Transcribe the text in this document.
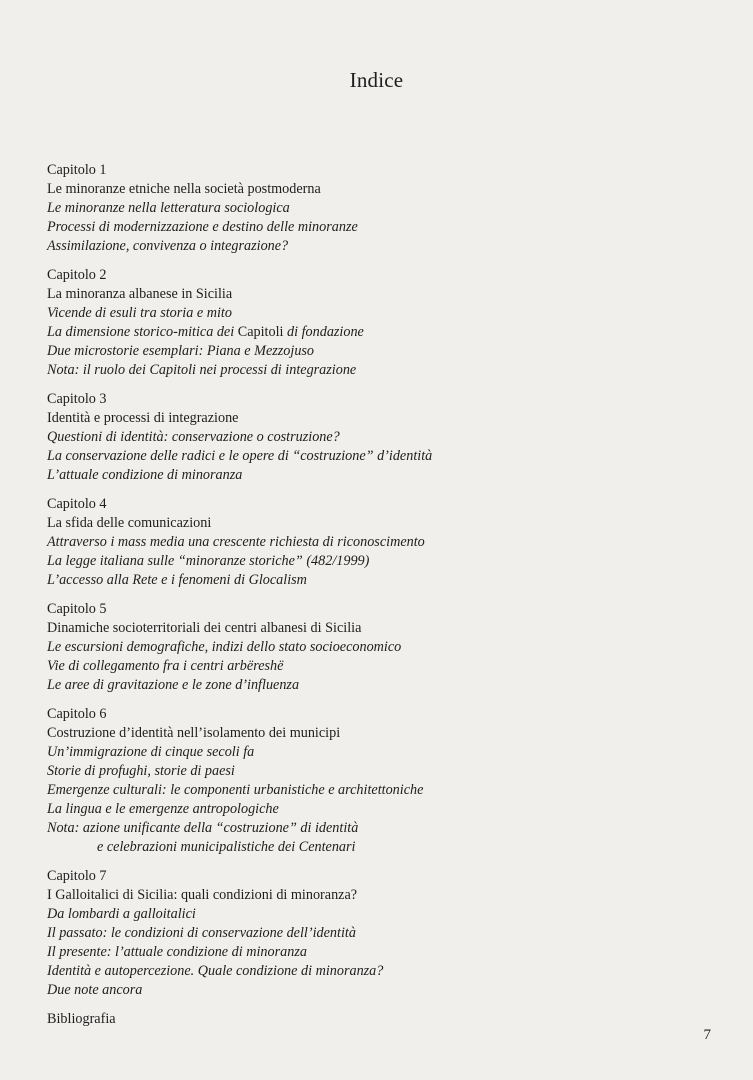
Indice
Capitolo 1
Le minoranze etniche nella società postmoderna
Le minoranze nella letteratura sociologica
Processi di modernizzazione e destino delle minoranze
Assimilazione, convivenza o integrazione?
Capitolo 2
La minoranza albanese in Sicilia
Vicende di esuli tra storia e mito
La dimensione storico-mitica dei Capitoli di fondazione
Due microstorie esemplari: Piana e Mezzojuso
Nota: il ruolo dei Capitoli nei processi di integrazione
Capitolo 3
Identità e processi di integrazione
Questioni di identità: conservazione o costruzione?
La conservazione delle radici e le opere di “costruzione” d’identità
L’attuale condizione di minoranza
Capitolo 4
La sfida delle comunicazioni
Attraverso i mass media una crescente richiesta di riconoscimento
La legge italiana sulle “minoranze storiche” (482/1999)
L’accesso alla Rete e i fenomeni di Glocalism
Capitolo 5
Dinamiche socioterritoriali dei centri albanesi di Sicilia
Le escursioni demografiche, indizi dello stato socioeconomico
Vie di collegamento fra i centri arbëreshë
Le aree di gravitazione e le zone d’influenza
Capitolo 6
Costruzione d’identità nell’isolamento dei municipi
Un’immigrazione di cinque secoli fa
Storie di profughi, storie di paesi
Emergenze culturali: le componenti urbanistiche e architettoniche
La lingua e le emergenze antropologiche
Nota: azione unificante della “costruzione” di identità
e celebrazioni municipalistiche dei Centenari
Capitolo 7
I Galloitalici di Sicilia: quali condizioni di minoranza?
Da lombardi a galloitalici
Il passato: le condizioni di conservazione dell’identità
Il presente: l’attuale condizione di minoranza
Identità e autopercezione. Quale condizione di minoranza?
Due note ancora
Bibliografia
7
